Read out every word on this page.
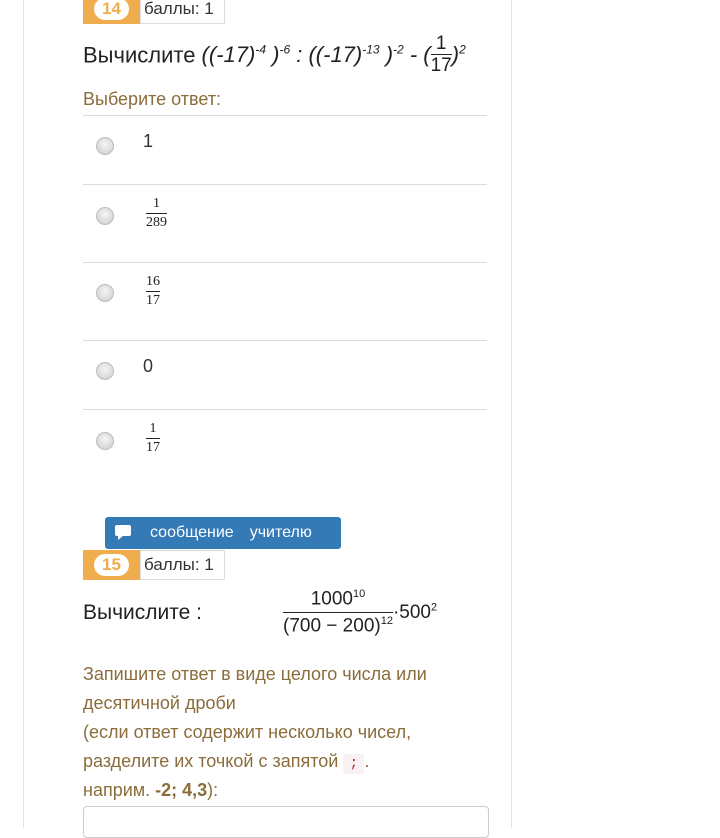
14	баллы: 1
Вычислите ($(-17)^{-4}$ )$^{-6}$ : ($(-17)^{-13}$ )$^{-2}$ - ( $\frac{1}{17} )^2$
Выберите ответ:
1
1
289
16
17
0
1
17
сообщение учителю
15	баллы: 1
Вычислите :	$\frac{1000^{10}}{(700 - 200)^{12}} \cdot 500^2$
Запишите ответ в виде целого числа или десятичной дроби
(если ответ содержит несколько чисел, разделите их точкой с запятой ; .
наприм. -2; 4,3):
